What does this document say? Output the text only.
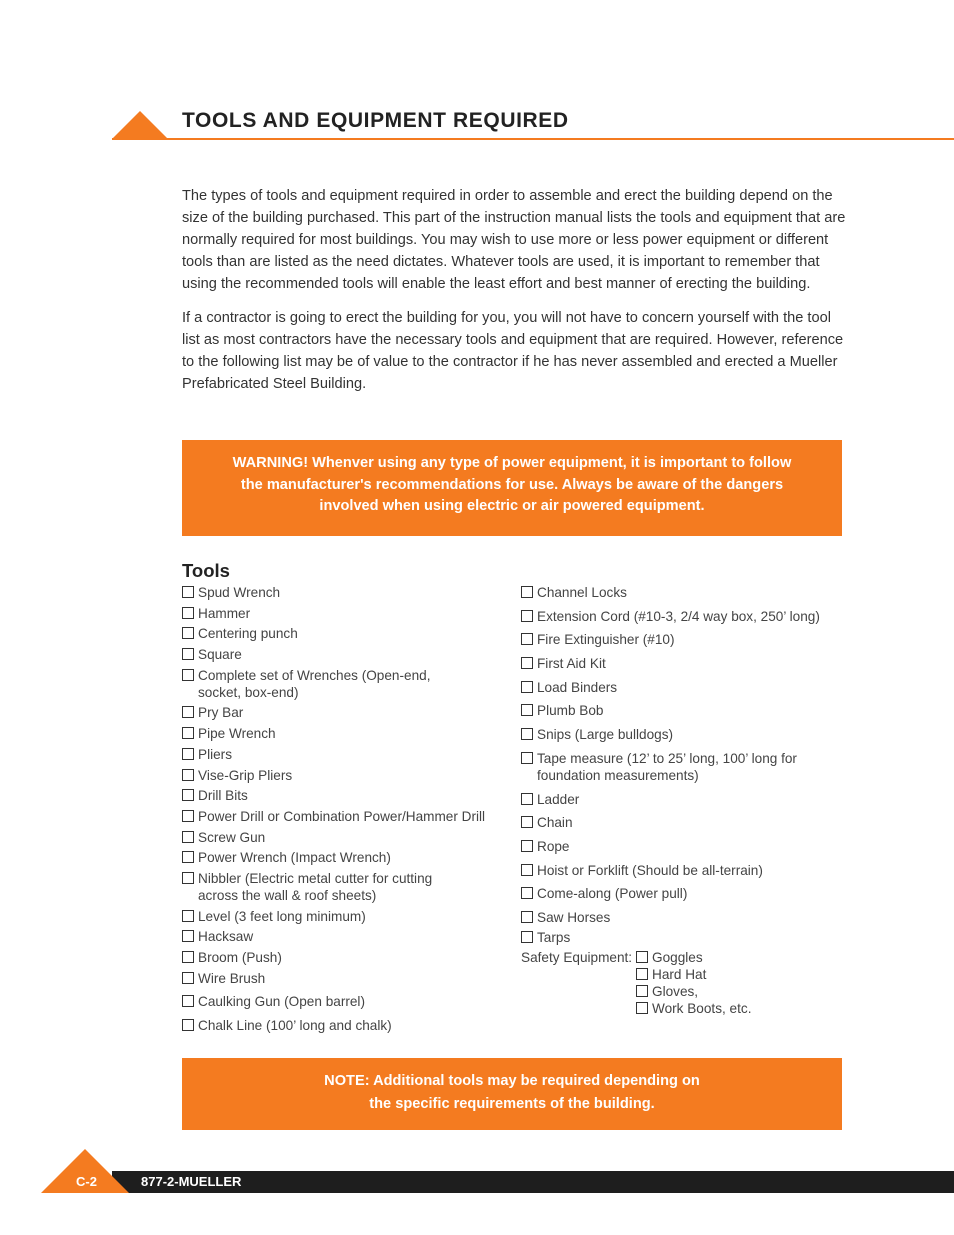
TOOLS AND EQUIPMENT REQUIRED

The types of tools and equipment required in order to assemble and erect the building depend on the size of the building purchased. This part of the instruction manual lists the tools and equipment that are normally required for most buildings. You may wish to use more or less power equipment or different tools than are listed as the need dictates. Whatever tools are used, it is important to remember that using the recommended tools will enable the least effort and best manner of erecting the building.

If a contractor is going to erect the building for you, you will not have to concern yourself with the tool list as most contractors have the necessary tools and equipment that are required. However, reference to the following list may be of value to the contractor if he has never assembled and erected a Mueller Prefabricated Steel Building.

WARNING! Whenver using any type of power equipment, it is important to follow the manufacturer's recommendations for use. Always be aware of the dangers involved when using electric or air powered equipment.
Tools
Spud Wrench
Hammer
Centering punch
Square
Complete set of Wrenches (Open-end, socket, box-end)
Pry Bar
Pipe Wrench
Pliers
Vise-Grip Pliers
Drill Bits
Power Drill or Combination Power/Hammer Drill
Screw Gun
Power Wrench (Impact Wrench)
Nibbler (Electric metal cutter for cutting across the wall & roof sheets)
Level (3 feet long minimum)
Hacksaw
Broom (Push)
Wire Brush
Caulking Gun (Open barrel)
Chalk Line (100’ long and chalk)
Channel Locks
Extension Cord (#10-3, 2/4 way box, 250’ long)
Fire Extinguisher (#10)
First Aid Kit
Load Binders
Plumb Bob
Snips (Large bulldogs)
Tape measure (12’ to 25’ long, 100’ long for foundation measurements)
Ladder
Chain
Rope
Hoist or Forklift (Should be all-terrain)
Come-along (Power pull)
Saw Horses
Tarps
Safety Equipment:	Goggles
Hard Hat
Gloves,
Work Boots, etc.
NOTE: Additional tools may be required depending on
the specific requirements of the building.
C-2	877-2-MUELLER
